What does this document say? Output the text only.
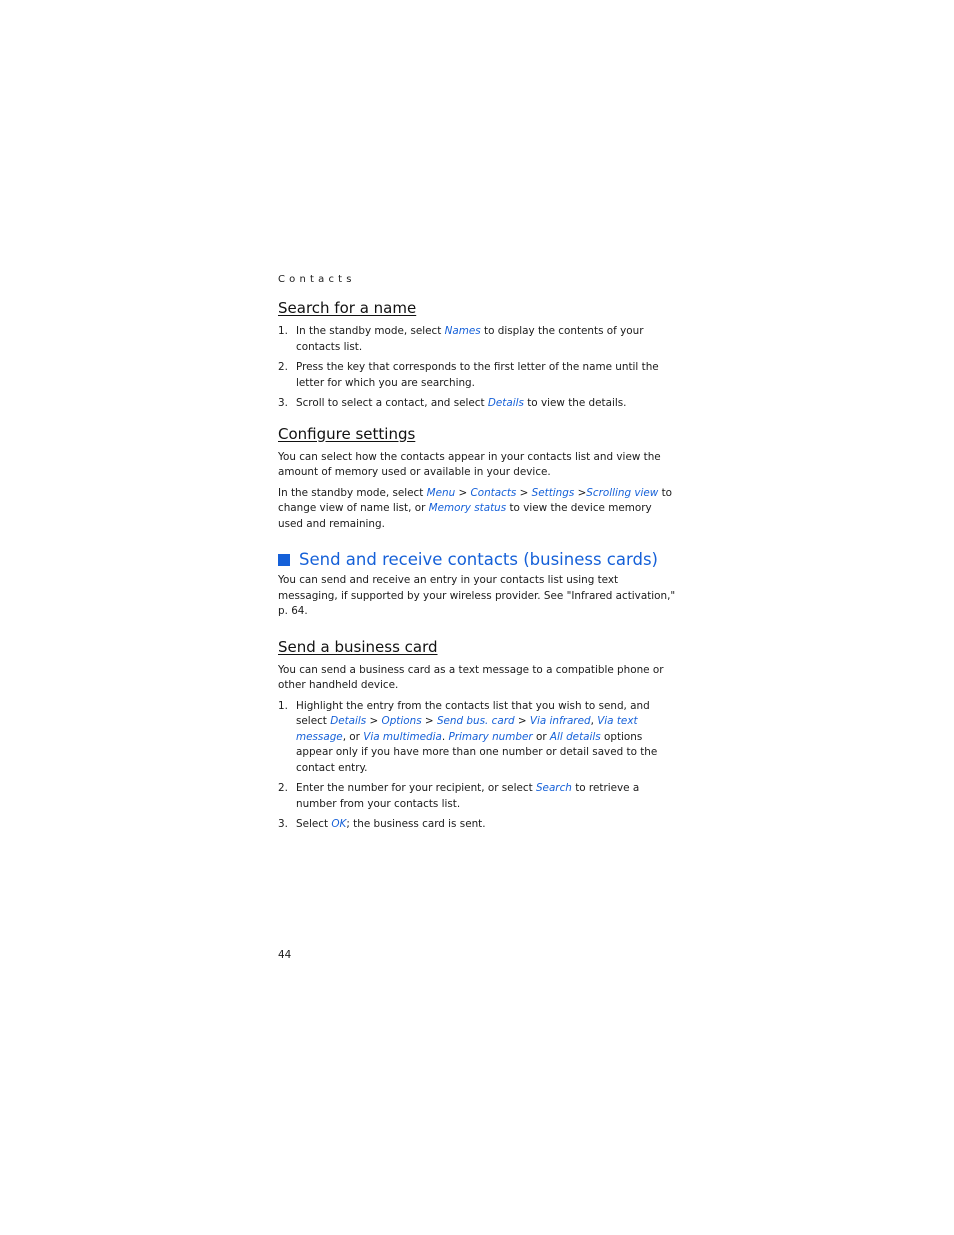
Contacts
Search for a name
1. In the standby mode, select Names to display the contents of your contacts list.
2. Press the key that corresponds to the first letter of the name until the letter for which you are searching.
3. Scroll to select a contact, and select Details to view the details.
Configure settings

You can select how the contacts appear in your contacts list and view the amount of memory used or available in your device.

In the standby mode, select Menu > Contacts > Settings >Scrolling view to change view of name list, or Memory status to view the device memory used and remaining.

Send and receive contacts (business cards)

You can send and receive an entry in your contacts list using text messaging, if supported by your wireless provider. See "Infrared activation," p. 64.

Send a business card

You can send a business card as a text message to a compatible phone or other handheld device.

1. Highlight the entry from the contacts list that you wish to send, and select Details > Options > Send bus. card > Via infrared, Via text message, or Via multimedia. Primary number or All details options appear only if you have more than one number or detail saved to the contact entry.
2. Enter the number for your recipient, or select Search to retrieve a number from your contacts list.
3. Select OK; the business card is sent.
44
